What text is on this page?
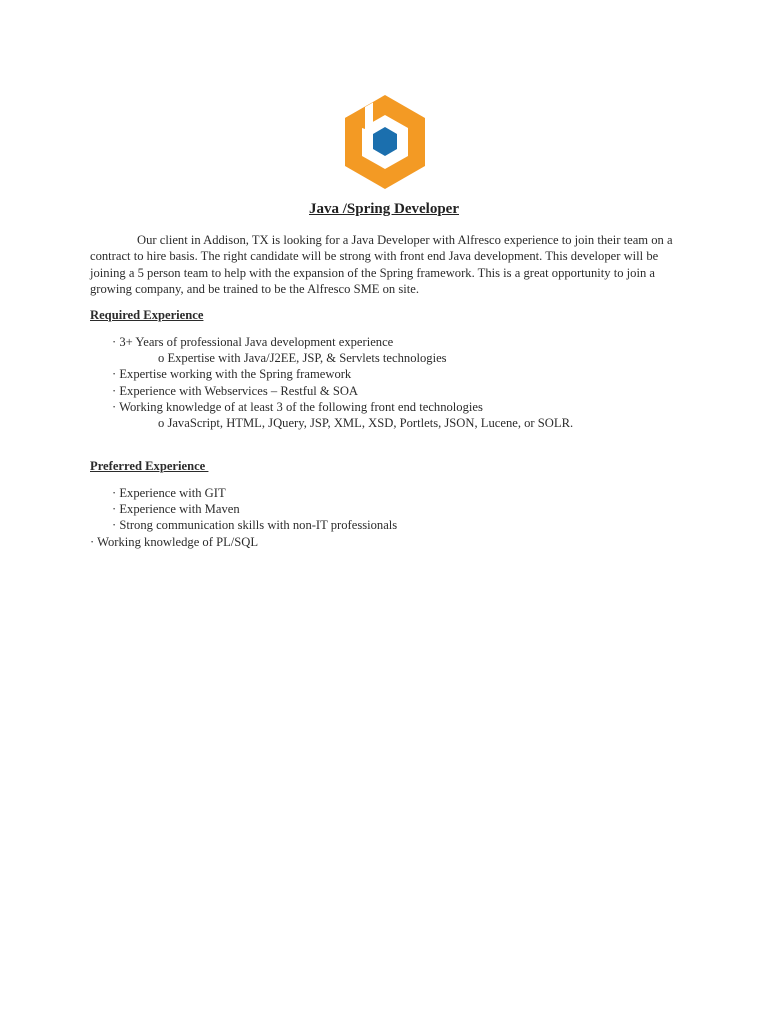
Java /Spring Developer

Our client in Addison, TX is looking for a Java Developer with Alfresco experience to join their team on a contract to hire basis. The right candidate will be strong with front end Java development. This developer will be joining a 5 person team to help with the expansion of the Spring framework. This is a great opportunity to join a growing company, and be trained to be the Alfresco SME on site.

Required Experience
· 3+ Years of professional Java development experience
o Expertise with Java/J2EE, JSP, & Servlets technologies
· Expertise working with the Spring framework
· Experience with Webservices – Restful & SOA
· Working knowledge of at least 3 of the following front end technologies
o JavaScript, HTML, JQuery, JSP, XML, XSD, Portlets, JSON, Lucene, or SOLR.
Preferred Experience
· Experience with GIT
· Experience with Maven
· Strong communication skills with non-IT professionals
· Working knowledge of PL/SQL
